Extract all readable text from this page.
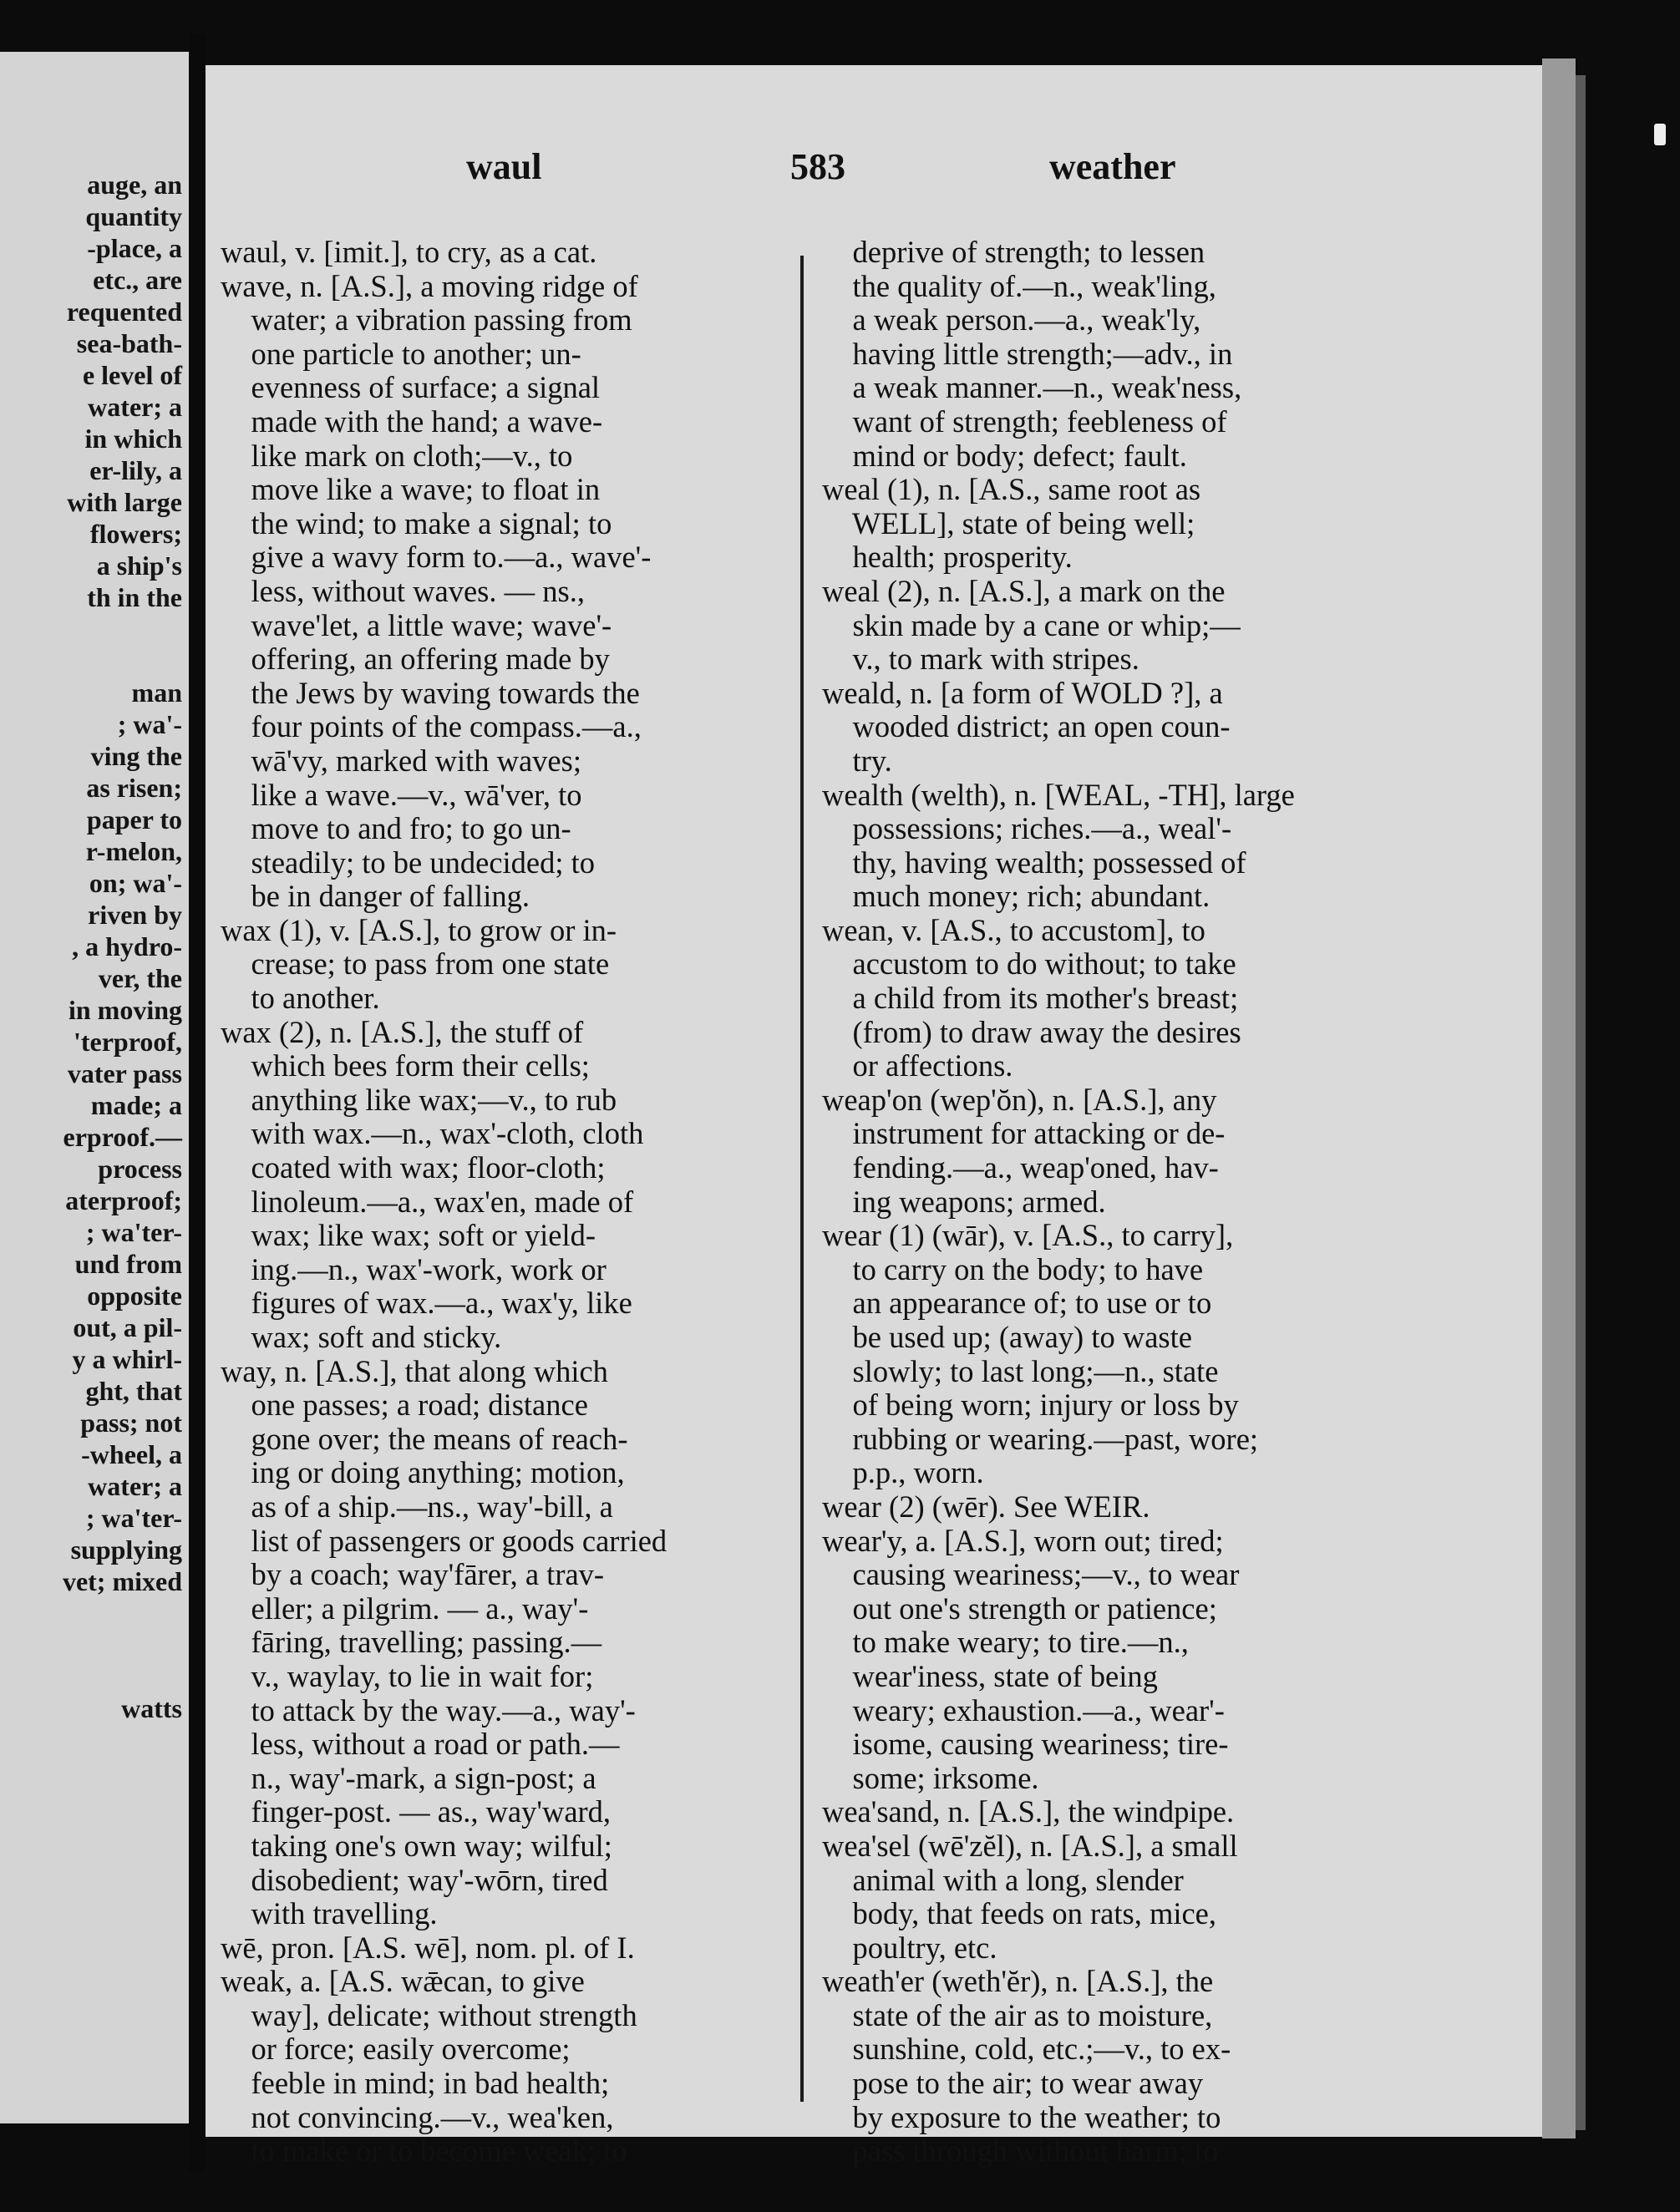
auge, an
quantity
-place, a
etc., are
requented
sea-bath-
e level of
water; a
in which
er-lily, a
with large
flowers;
a ship's
th in the
man
; wa'-
ving the
as risen;
paper to
r-melon,
on; wa'-
riven by
, a hydro-
ver, the
in moving
'terproof,
vater pass
made; a
erproof.—
process
aterproof;
; wa'ter-
und from
opposite
out, a pil-
y a whirl-
ght, that
pass; not
-wheel, a
water; a
; wa'ter-
supplying
vet; mixed
watts
waul	583	weather
waul, v. [imit.], to cry, as a cat.
wave, n. [A.S.], a moving ridge of
water; a vibration passing from
one particle to another; un-
evenness of surface; a signal
made with the hand; a wave-
like mark on cloth;—v., to
move like a wave; to float in
the wind; to make a signal; to
give a wavy form to.—a., wave'-
less, without waves. — ns.,
wave'let, a little wave; wave'-
offering, an offering made by
the Jews by waving towards the
four points of the compass.—a.,
wā'vy, marked with waves;
like a wave.—v., wā'ver, to
move to and fro; to go un-
steadily; to be undecided; to
be in danger of falling.
wax (1), v. [A.S.], to grow or in-
crease; to pass from one state
to another.
wax (2), n. [A.S.], the stuff of
which bees form their cells;
anything like wax;—v., to rub
with wax.—n., wax'-cloth, cloth
coated with wax; floor-cloth;
linoleum.—a., wax'en, made of
wax; like wax; soft or yield-
ing.—n., wax'-work, work or
figures of wax.—a., wax'y, like
wax; soft and sticky.
way, n. [A.S.], that along which
one passes; a road; distance
gone over; the means of reach-
ing or doing anything; motion,
as of a ship.—ns., way'-bill, a
list of passengers or goods carried
by a coach; way'fārer, a trav-
eller; a pilgrim. — a., way'-
fāring, travelling; passing.—
v., waylay, to lie in wait for;
to attack by the way.—a., way'-
less, without a road or path.—
n., way'-mark, a sign-post; a
finger-post. — as., way'ward,
taking one's own way; wilful;
disobedient; way'-wōrn, tired
with travelling.
wē, pron. [A.S. wē], nom. pl. of I.
weak, a. [A.S. wǣcan, to give
way], delicate; without strength
or force; easily overcome;
feeble in mind; in bad health;
not convincing.—v., wea'ken,
to make or to become weak; to
deprive of strength; to lessen
the quality of.—n., weak'ling,
a weak person.—a., weak'ly,
having little strength;—adv., in
a weak manner.—n., weak'ness,
want of strength; feebleness of
mind or body; defect; fault.
weal (1), n. [A.S., same root as
WELL], state of being well;
health; prosperity.
weal (2), n. [A.S.], a mark on the
skin made by a cane or whip;—
v., to mark with stripes.
weald, n. [a form of WOLD ?], a
wooded district; an open coun-
try.
wealth (welth), n. [WEAL, -TH], large
possessions; riches.—a., weal'-
thy, having wealth; possessed of
much money; rich; abundant.
wean, v. [A.S., to accustom], to
accustom to do without; to take
a child from its mother's breast;
(from) to draw away the desires
or affections.
weap'on (wep'ŏn), n. [A.S.], any
instrument for attacking or de-
fending.—a., weap'oned, hav-
ing weapons; armed.
wear (1) (wār), v. [A.S., to carry],
to carry on the body; to have
an appearance of; to use or to
be used up; (away) to waste
slowly; to last long;—n., state
of being worn; injury or loss by
rubbing or wearing.—past, wore;
p.p., worn.
wear (2) (wēr). See WEIR.
wear'y, a. [A.S.], worn out; tired;
causing weariness;—v., to wear
out one's strength or patience;
to make weary; to tire.—n.,
wear'iness, state of being
weary; exhaustion.—a., wear'-
isome, causing weariness; tire-
some; irksome.
wea'sand, n. [A.S.], the windpipe.
wea'sel (wē'zĕl), n. [A.S.], a small
animal with a long, slender
body, that feeds on rats, mice,
poultry, etc.
weath'er (weth'ĕr), n. [A.S.], the
state of the air as to moisture,
sunshine, cold, etc.;—v., to ex-
pose to the air; to wear away
by exposure to the weather; to
pass through without harm; to
